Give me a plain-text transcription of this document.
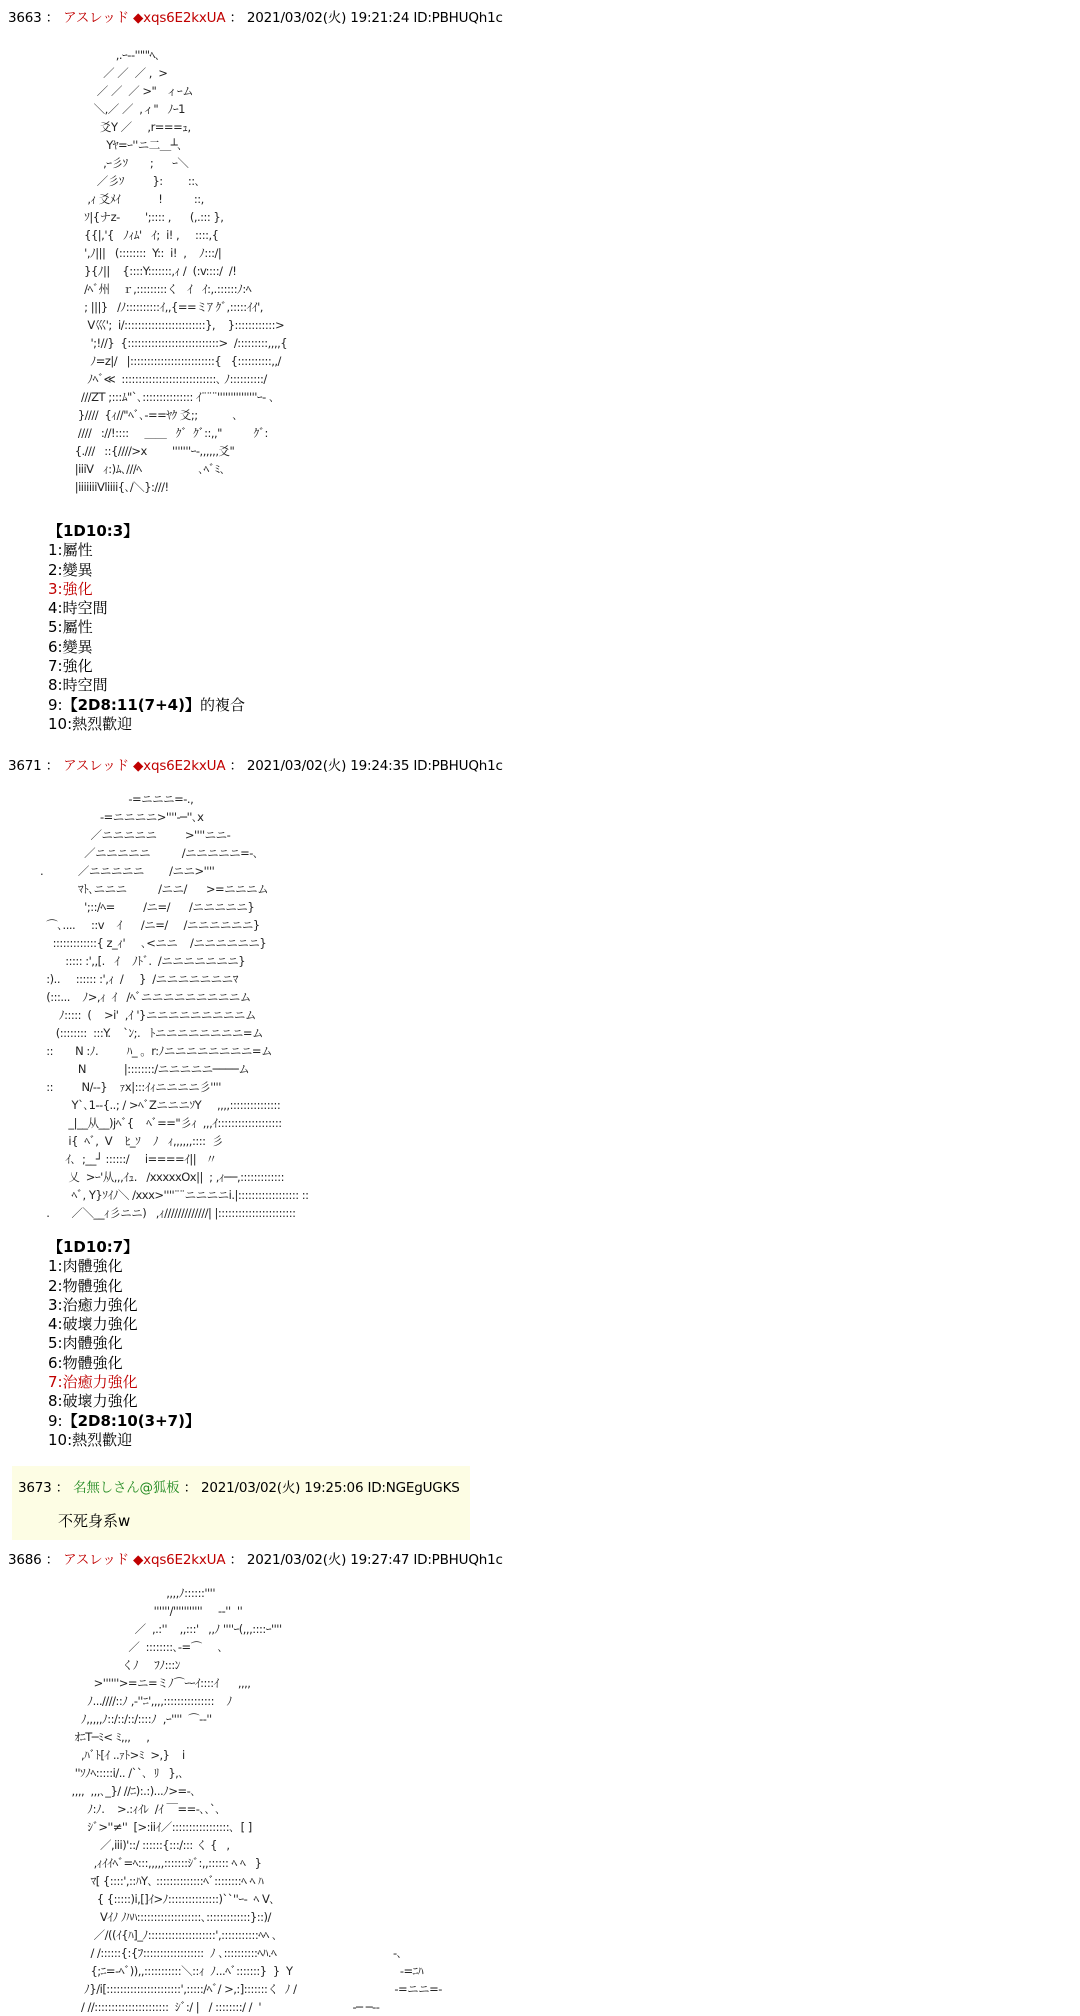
3663 ： アスレッド ◆xqs6E2kxUA ： 2021/03/02(火) 19:21:24 ID:PBHUQh1c
,.ｰ-‐''""ﾍ､
／ ／  ／ ,  >
／ ／  ／ >"   ィｰム
＼,／ ／  ,ィ"   ﾉｰ1
爻Y ／     ,r===ｭ,
Yﾔ=ｰ''ニ二＿┴､
,ｰ彡ｿ       ;      ｰ＼
／彡ｿ         }:        ::､
,ｨ 爻ﾒｲ            !          ::,
ｿ|{ナz-        ';:::: ,      (,.::: },
{{|,'{   ﾉｨﾑ'   ｲ;  i! ,     ::::,{
',ﾉ|||   (::::::::  Y::  i!  ,    ﾉ:::/|
}{ﾉ||    {::::Y:::::::,ｨ /  (:v::::/  /!
/ﾍﾞ州    ｒ,:::::::::く   ｲ   ｲ:,.::::::ﾉ:ﾍ
; |||}   /ﾉ::::::::::ｲ,,{==ミｱ ｸﾞ,:::::ｲｲ',
V巛';  i/::::::::::::::::::::::::},    }::::::::::::>
';!//}  {:::::::::::::::::::::::::::>  /:::::::::,,,,{
ﾉ=z|/   |:::::::::::::::::::::::::{   {::::::::::,,/
ﾉﾍﾞ≪  ::::::::::::::::::::::::::::､ ﾉ::::::::::/
///ZT ;:::ﾑ"`､::::::::::::::: ｲ¨¨¨'''''''''''''''ｰ- ､
}////  {ｨ//"ﾍﾞ､-==ﾔｸ 爻;;           ､
////   ://!::::     ＿＿   ｸﾞ  ｸﾞ::,,"          ｸﾞ:
{.///   ::{////>x        '''''''ｰ-,,,,,,爻"
|iiiV   ｨ:)ﾑ､///ﾍ                  ､ﾍﾞﾐ､
|iiiiiiiVliiii{､/＼}:///!
【1D10:3】
1:屬性
2:變異
3:強化
4:時空間
5:屬性
6:變異
7:強化
8:時空間
9:【2D8:11(7+4)】的複合
10:熱烈歡迎
3671 ： アスレッド ◆xqs6E2kxUA ： 2021/03/02(火) 19:24:35 ID:PBHUQh1c
-=ニニニ=-.,
-=ニニニニ>''''‐─''､x
／ニニニニニ         >''''ニニ-
／ニニニニニ          /ニニニニニ=-､
.           ／ニニニニニ        /ニニ>''''
ﾏﾄ､ニニニ          /ニニ/      >=ニニニム
';::/ﾍ=         /ニ=/      /ニニニニニ}
⌒､....     ::v    ｲ      /ニ=/     /ニニニニニニ}
:::::::::::::{ z_ｨ'     ､<ニニ    /ニニニニニニ}
::::: :',,[.   ｲ    ﾉﾄﾞ.  /ニニニニニニニ}
:)..     :::::: :',ｨ  /     }  /ニニニニニニニﾏ
(:::...    ﾉ>,ｨ  ｲ   /ﾍﾞニニニニニニニニニム
ﾉ:::::  (    >i'  ,ｲ '}ニニニニニニニニニム
(::::::::  :::Y.    `ﾝ;.   ﾄニニニニニニニニ=ム
::       N :ﾉ.         ﾊ_ 。r:ﾉニニニニニニニニ=ム
N            |::::::::/ニニニニニ────ム
::         N/--}    ｧx|:::ｲｨニニニニ彡''''
Y`､1--{..; / >ﾍﾞZニニニｿY     ,,,,:::::::::::::::
_|__从__)jﾍﾞ{    ﾍﾞ=="彡ｨ  ,,,ｲ:::::::::::::::::::
i{  ﾍﾞ,  V    ﾋ_ｿ    ﾉ   ｨ,,,,,,::::  彡
ｲ､  ;__┘ ::::::/     i====ｲ||   〃
乂  >ｰ'从,,,ｲｭ.   /xxxxxOx||  ; ,ｨ──,:::::::::::::
ﾍﾞ, Y}ｿｲﾉ＼ /xxx>''''¨¨ニニニニi.|:::::::::::::::::: ::
.       ／＼__ｨ彡ニニ)   ,ｨ/////////////| |:::::::::::::::::::::::
【1D10:7】
1:肉體強化
2:物體強化
3:治癒力強化
4:破壞力強化
5:肉體強化
6:物體強化
7:治癒力強化
8:破壞力強化
9:【2D8:10(3+7)】
10:熱烈歡迎
3673 ： 名無しさん@狐板 ： 2021/03/02(火) 19:25:06 ID:NGEgUGKS
不死身系w
3686 ： アスレッド ◆xqs6E2kxUA ： 2021/03/02(火) 19:27:47 ID:PBHUQh1c
,,,,ﾉ::::::''''
''''''/'''''''''''     -‐''  ''
／  ,.:''    ,,:::'   ,,ﾉ ''''ｰ(,,,::::ｰ''''
／  ::::::::､-=⌒     ､
くﾉ     ﾌﾉ:::ﾝ
>''''''>=ニ=ミﾉ⌒ｰｰｲ::::ｲ      ,,,,
ﾉ...////::ﾉ ,-''ﾆ',,,,:::::::::::::::    ﾉ
ﾉ,,,,,ﾉ::/::/::/::::ﾉ  ,ｰ''''  ⌒‐‐''
ｵﾆT─ﾐ< ﾐ,,,     ,
,ﾊﾞﾄ[ｲ ..ｧﾄ>ﾐ  >,}    i
''ｿﾉﾍ:::::i/.. /``､  ﾘ   },､
,,,,  ,,,､_}/ //ﾆ):.:)...ﾉ>=-､
ﾉ:ﾉ.    >.:ｨｲﾚ  /ｲ ￣==-､､`､
ｼﾞ>''≠''  [>:iiｲ／:::::::::::::::::､  [ ]
／,iii)'::/ ::::::{:::/::: く {   ,
,ｨｲｲﾍﾞ=ﾍ:::,,,,,:::::::ｼﾞ:,,:::::: ﾍ ﾍ   }
ﾏ[ {::::',::ﾊY､ ::::::::::::::ﾍﾞ::::::::ﾍ ﾍ ﾊ
{ {:::::)i,[]ｲ>ﾉ:::::::::::::::)``''ｰ-  ﾍ V､
Vｲﾉ ﾉﾊﾊ:::::::::::::::::::､:::::::::::::}::)/
／/((ｲ{ﾊ]_ﾉ::::::::::::::::::::',:::::::::::ﾍﾍ ､
/ /::::::{:{ﾌ::::::::::::::::::  ﾉ ､::::::::::ﾍﾊ.ﾍ                                     -､
{;ﾆ=-ﾍﾞ)),,:::::::::::＼::ｨ  ﾉ...ﾍﾞ:::::::}  }  Y                                  -=ﾆﾊ
ﾉ}/i[::::::::::::::::::::::',:::::/ﾍﾞ/ >,:]:::::::く  ﾉ /                               -=ニニ=-
/ //::::::::::::::::::::::  ｼﾞ:/ |   / ::::::::/ /  '                             -─ ─-‐
